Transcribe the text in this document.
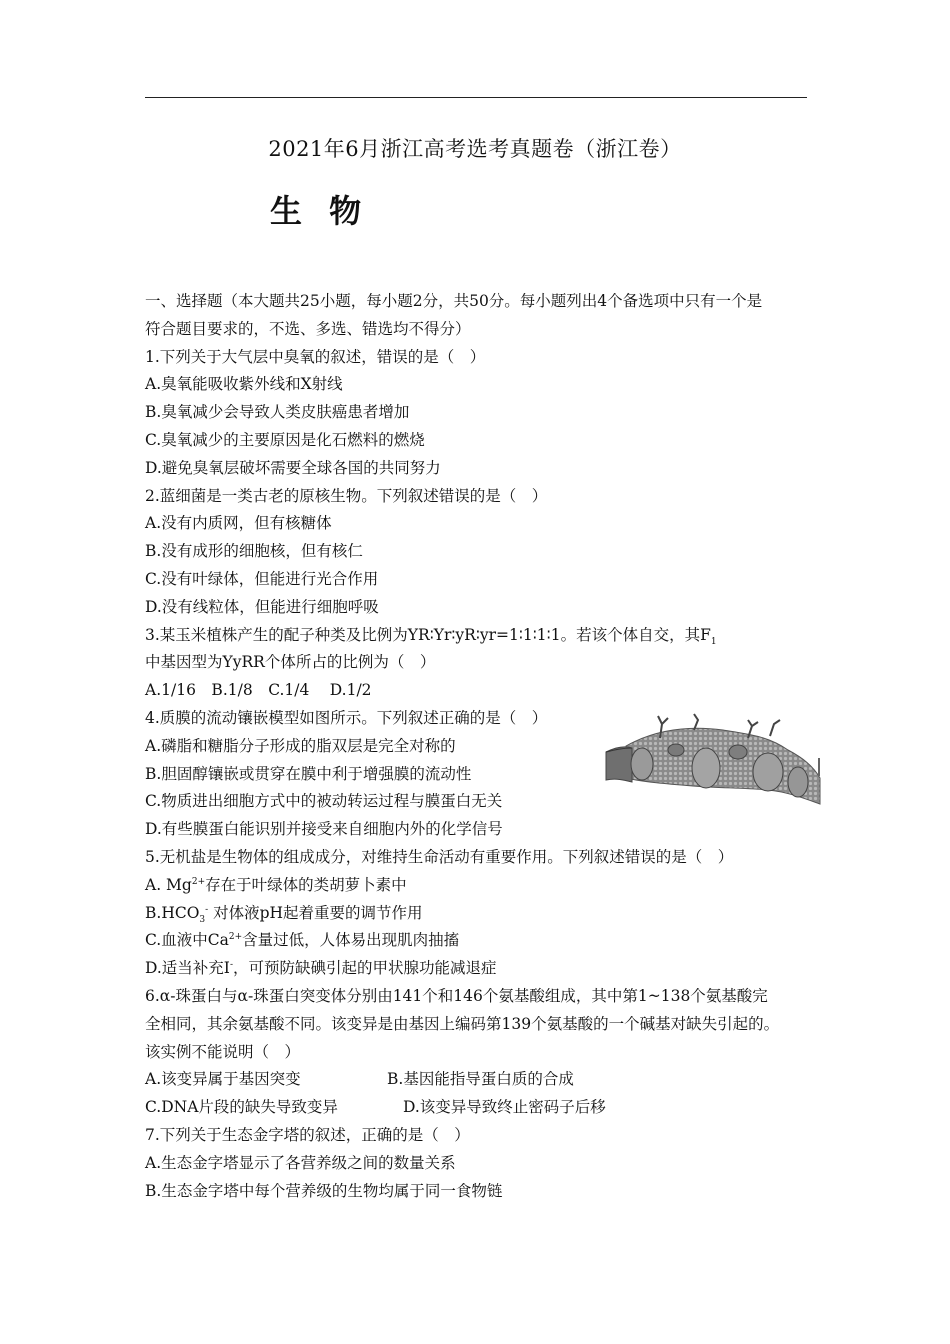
2021年6月浙江高考选考真题卷（浙江卷）
生 物
一、选择题（本大题共25小题，每小题2分，共50分。每小题列出4个备选项中只有一个是
符合题目要求的，不选、多选、错选均不得分）
1.下列关于大气层中臭氧的叙述，错误的是（　）
A.臭氧能吸收紫外线和X射线
B.臭氧减少会导致人类皮肤癌患者增加
C.臭氧减少的主要原因是化石燃料的燃烧
D.避免臭氧层破坏需要全球各国的共同努力
2.蓝细菌是一类古老的原核生物。下列叙述错误的是（　）
A.没有内质网，但有核糖体
B.没有成形的细胞核，但有核仁
C.没有叶绿体，但能进行光合作用
D.没有线粒体，但能进行细胞呼吸
3.某玉米植株产生的配子种类及比例为YR∶Yr∶yR∶yr=1∶1∶1∶1。若该个体自交，其$F_1$
中基因型为YyRR个体所占的比例为（　）
A.1/16　B.1/8　C.1/4　 D.1/2
4.质膜的流动镶嵌模型如图所示。下列叙述正确的是（　）
A.磷脂和糖脂分子形成的脂双层是完全对称的
B.胆固醇镶嵌或贯穿在膜中利于增强膜的流动性
C.物质进出细胞方式中的被动转运过程与膜蛋白无关
D.有些膜蛋白能识别并接受来自细胞内外的化学信号
5.无机盐是生物体的组成成分，对维持生命活动有重要作用。下列叙述错误的是（　）
A. $Mg^{2+}$存在于叶绿体的类胡萝卜素中
$B.HCO_3^-$ 对体液pH起着重要的调节作用
C.血液中$Ca^{2+}$含量过低，人体易出现肌肉抽搐
D.适当补充I-，可预防缺碘引起的甲状腺功能减退症
6.α-珠蛋白与α-珠蛋白突变体分别由141个和146个氨基酸组成，其中第1~138个氨基酸完
全相同，其余氨基酸不同。该变异是由基因上编码第139个氨基酸的一个碱基对缺失引起的。
该实例不能说明（　）
A.该变异属于基因突变	B.基因能指导蛋白质的合成
C.DNA片段的缺失导致变异	D.该变异导致终止密码子后移
7.下列关于生态金字塔的叙述，正确的是（　）
A.生态金字塔显示了各营养级之间的数量关系
B.生态金字塔中每个营养级的生物均属于同一食物链
